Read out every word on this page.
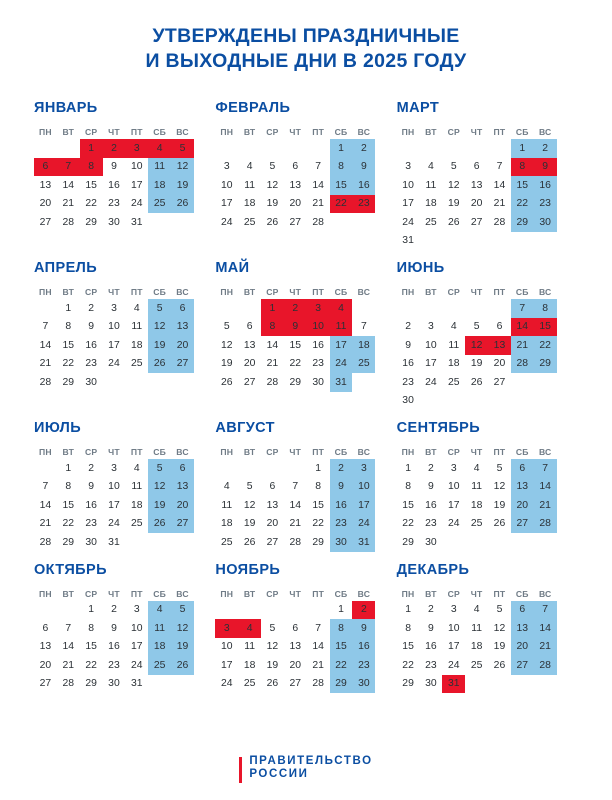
УТВЕРЖДЕНЫ ПРАЗДНИЧНЫЕ
И ВЫХОДНЫЕ ДНИ В 2025 ГОДУ
ЯНВАРЬ
ПН	ВТ	СР	ЧТ	ПТ	СБ	ВС
		1	2	3	4	5
6	7	8	9	10	11	12
13	14	15	16	17	18	19
20	21	22	23	24	25	26
27	28	29	30	31		
ФЕВРАЛЬ
ПН	ВТ	СР	ЧТ	ПТ	СБ	ВС
					1	2
3	4	5	6	7	8	9
10	11	12	13	14	15	16
17	18	19	20	21	22	23
24	25	26	27	28		
МАРТ
ПН	ВТ	СР	ЧТ	ПТ	СБ	ВС
					1	2
3	4	5	6	7	8	9
10	11	12	13	14	15	16
17	18	19	20	21	22	23
24	25	26	27	28	29	30
31						
АПРЕЛЬ
ПН	ВТ	СР	ЧТ	ПТ	СБ	ВС
	1	2	3	4	5	6
7	8	9	10	11	12	13
14	15	16	17	18	19	20
21	22	23	24	25	26	27
28	29	30				
МАЙ
ПН	ВТ	СР	ЧТ	ПТ	СБ	ВС
		1	2	3	4	
5	6	8	9	10	11	7
12	13	14	15	16	17	18
19	20	21	22	23	24	25
26	27	28	29	30	31	
ИЮНЬ
ПН	ВТ	СР	ЧТ	ПТ	СБ	ВС
					7	8
2	3	4	5	6	14	15
9	10	11	12	13	21	22
16	17	18	19	20	28	29
23	24	25	26	27		
30						
ИЮЛЬ
ПН	ВТ	СР	ЧТ	ПТ	СБ	ВС
	1	2	3	4	5	6
7	8	9	10	11	12	13
14	15	16	17	18	19	20
21	22	23	24	25	26	27
28	29	30	31			
АВГУСТ
ПН	ВТ	СР	ЧТ	ПТ	СБ	ВС
				1	2	3
4	5	6	7	8	9	10
11	12	13	14	15	16	17
18	19	20	21	22	23	24
25	26	27	28	29	30	31
СЕНТЯБРЬ
ПН	ВТ	СР	ЧТ	ПТ	СБ	ВС
1	2	3	4	5	6	7
8	9	10	11	12	13	14
15	16	17	18	19	20	21
22	23	24	25	26	27	28
29	30					
ОКТЯБРЬ
ПН	ВТ	СР	ЧТ	ПТ	СБ	ВС
		1	2	3	4	5
6	7	8	9	10	11	12
13	14	15	16	17	18	19
20	21	22	23	24	25	26
27	28	29	30	31		
НОЯБРЬ
ПН	ВТ	СР	ЧТ	ПТ	СБ	ВС
					1	2
3	4	5	6	7	8	9
10	11	12	13	14	15	16
17	18	19	20	21	22	23
24	25	26	27	28	29	30
ДЕКАБРЬ
ПН	ВТ	СР	ЧТ	ПТ	СБ	ВС
1	2	3	4	5	6	7
8	9	10	11	12	13	14
15	16	17	18	19	20	21
22	23	24	25	26	27	28
29	30	31				
ПРАВИТЕЛЬСТВО
РОССИИ
